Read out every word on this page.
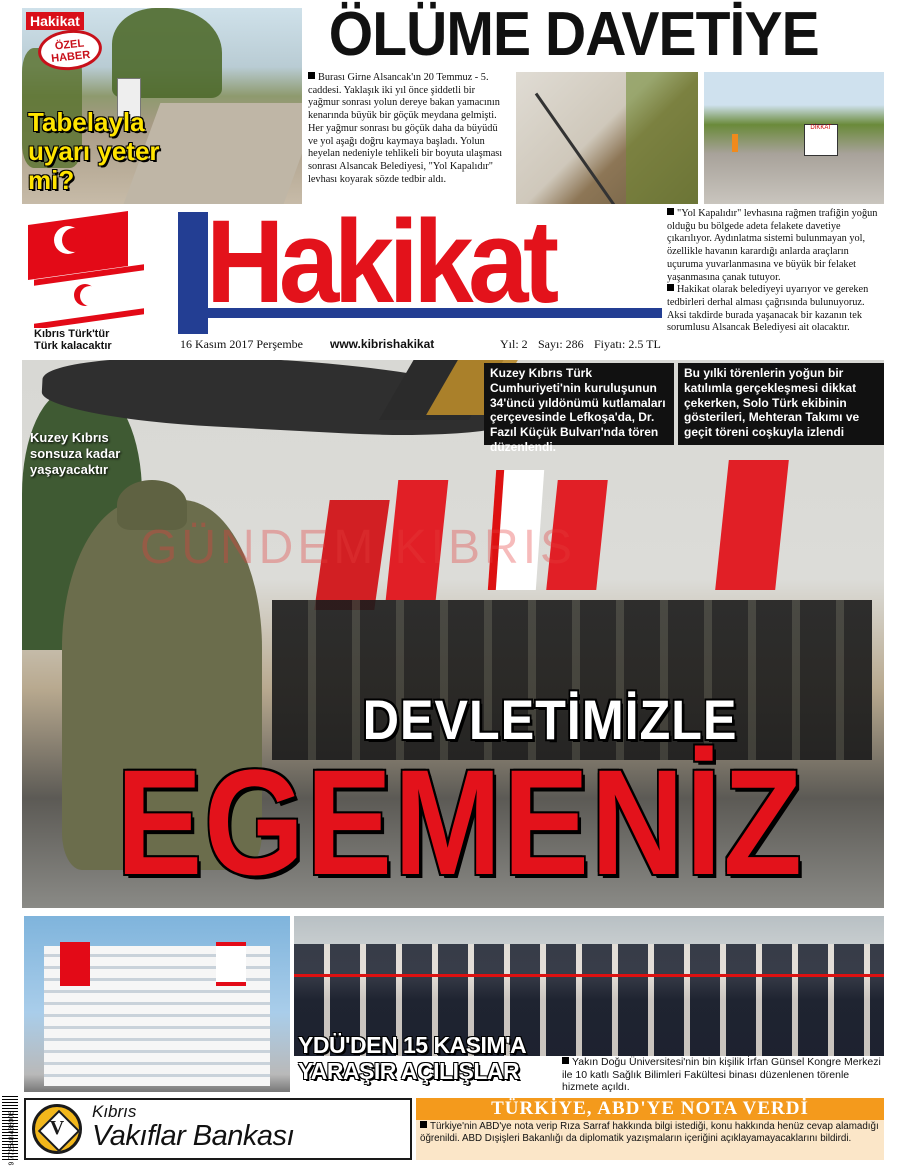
Hakikat
ÖZEL
HABER
Tabelayla uyarı yeter mi?
ÖLÜME DAVETİYE
Burası Girne Alsancak'ın 20 Temmuz - 5. caddesi. Yaklaşık iki yıl önce şiddetli bir yağmur sonrası yolun dereye bakan yamacının kenarında büyük bir göçük meydana gelmişti. Her yağmur sonrası bu göçük daha da büyüdü ve yol aşağı doğru kaymaya başladı. Yolun heyelan nedeniyle tehlikeli bir boyuta ulaşması sonrası Alsancak Belediyesi, "Yol Kapalıdır" levhası koyarak sözde tedbir aldı.
DİKKAT
Kıbrıs Türk'tür
Türk kalacaktır
Hakikat
16 Kasım 2017 Perşembe www.kibrishakikat	Yıl: 2 Sayı: 286 Fiyatı: 2.5 TL
"Yol Kapalıdır" levhasına rağmen trafiğin yoğun olduğu bu bölgede adeta felakete davetiye çıkarılıyor. Aydınlatma sistemi bulunmayan yol, özellikle havanın karardığı anlarda araçların uçuruma yuvarlanmasına ve büyük bir felaket yaşanmasına çanak tutuyor.
Hakikat olarak belediyeyi uyarıyor ve gereken tedbirleri derhal alması çağrısında bulunuyoruz. Aksi takdirde burada yaşanacak bir kazanın tek sorumlusu Alsancak Belediyesi ait olacaktır.
Kuzey Kıbrıs Türk Cumhuriyeti'nin kuruluşunun 34'üncü yıldönümü kutlamaları çerçevesinde Lefkoşa'da, Dr. Fazıl Küçük Bulvarı'nda tören düzenlendi.
Bu yılki törenlerin yoğun bir katılımla gerçekleşmesi dikkat çekerken, Solo Türk ekibinin gösterileri, Mehteran Takımı ve geçit töreni coşkuyla izlendi
Kuzey Kıbrıs sonsuza kadar yaşayacaktır
GÜNDEM KIBRIS
DEVLETİMİZLE
EGEMENİZ
YDÜ'DEN 15 KASIM'A
YARAŞIR AÇILIŞLAR	Yakın Doğu Üniversitesi'nin bin kişilik İrfan Günsel Kongre Merkezi ile 10 katlı Sağlık Bilimleri Fakültesi binası düzenlenen törenle hizmete açıldı.
V
Kıbrıs
Vakıflar Bankası
TÜRKİYE, ABD'YE NOTA VERDİ
Türkiye'nin ABD'ye nota verip Rıza Sarraf hakkında bilgi istediği, konu hakkında henüz cevap alamadığı öğrenildi. ABD Dışişleri Bakanlığı da diplomatik yazışmaların içeriğini açıklayamayacaklarını bildirdi.
9 772548 436006
